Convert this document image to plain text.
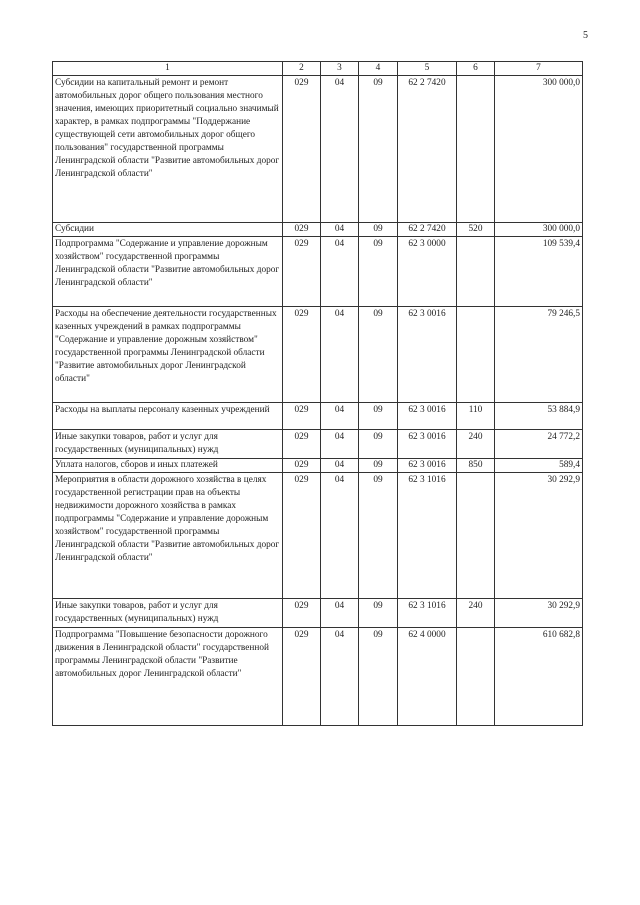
5
1	2	3	4	5	6	7
Субсидии на капитальный ремонт и ремонт автомобильных дорог общего пользования местного значения, имеющих приоритетный социально значимый характер, в рамках подпрограммы "Поддержание существующей сети автомобильных дорог общего пользования" государственной программы Ленинградской области "Развитие автомобильных дорог Ленинградской области"	029	04	09	62 2 7420		300 000,0
Субсидии	029	04	09	62 2 7420	520	300 000,0
Подпрограмма "Содержание и управление дорожным хозяйством" государственной программы Ленинградской области "Развитие автомобильных дорог Ленинградской области"	029	04	09	62 3 0000		109 539,4
Расходы на обеспечение деятельности государственных казенных учреждений в рамках подпрограммы "Содержание и управление дорожным хозяйством" государственной программы Ленинградской области "Развитие автомобильных дорог Ленинградской области"	029	04	09	62 3 0016		79 246,5
Расходы на выплаты персоналу казенных учреждений	029	04	09	62 3 0016	110	53 884,9
Иные закупки товаров, работ и услуг для государственных (муниципальных) нужд	029	04	09	62 3 0016	240	24 772,2
Уплата налогов, сборов и иных платежей	029	04	09	62 3 0016	850	589,4
Мероприятия в области дорожного хозяйства в целях государственной регистрации прав на объекты недвижимости дорожного хозяйства в рамках подпрограммы "Содержание и управление дорожным хозяйством" государственной программы Ленинградской области "Развитие автомобильных дорог Ленинградской области"	029	04	09	62 3 1016		30 292,9
Иные закупки товаров, работ и услуг для государственных (муниципальных) нужд	029	04	09	62 3 1016	240	30 292,9
Подпрограмма "Повышение безопасности дорожного движения в Ленинградской области" государственной программы Ленинградской области "Развитие автомобильных дорог Ленинградской области"	029	04	09	62 4 0000		610 682,8
